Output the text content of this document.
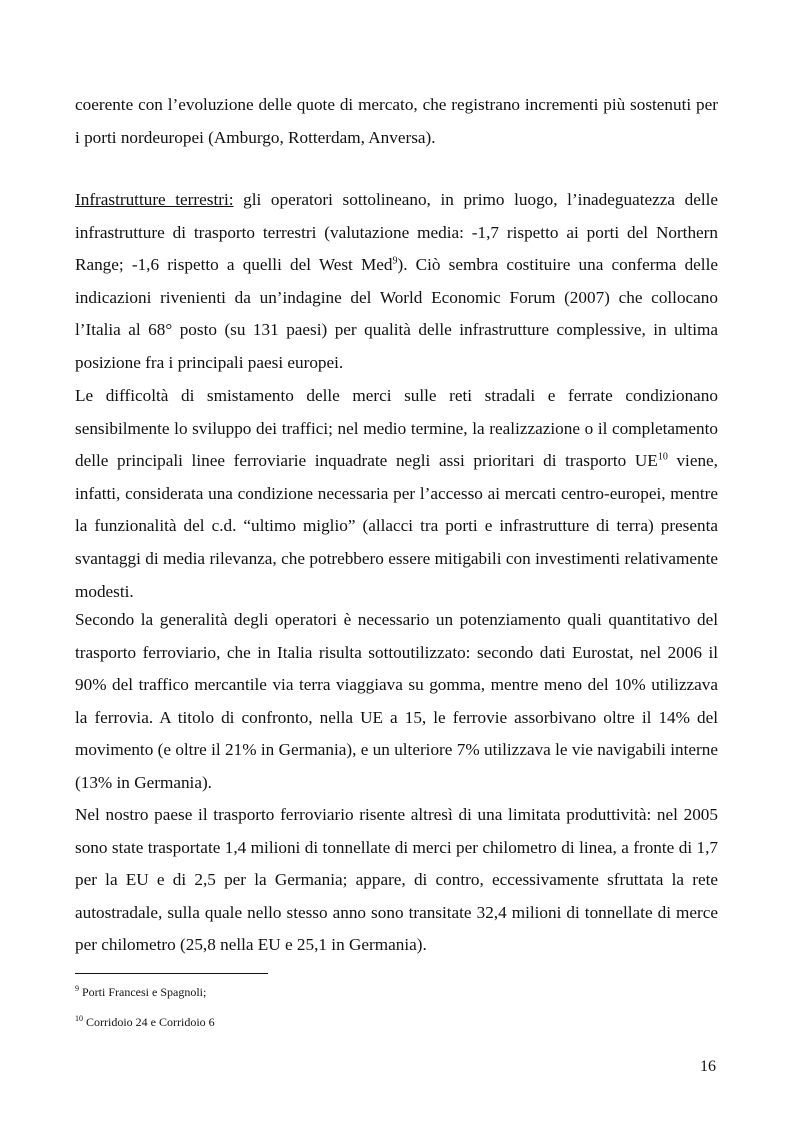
coerente con l’evoluzione delle quote di mercato, che registrano incrementi più sostenuti per i porti nordeuropei (Amburgo, Rotterdam, Anversa).

Infrastrutture terrestri: gli operatori sottolineano, in primo luogo, l’inadeguatezza delle infrastrutture di trasporto terrestri (valutazione media: -1,7 rispetto ai porti del Northern Range; -1,6 rispetto a quelli del West Med$^9$). Ciò sembra costituire una conferma delle indicazioni rivenienti da un’indagine del World Economic Forum (2007) che collocano l’Italia al 68° posto (su 131 paesi) per qualità delle infrastrutture complessive, in ultima posizione fra i principali paesi europei.

Le difficoltà di smistamento delle merci sulle reti stradali e ferrate condizionano sensibilmente lo sviluppo dei traffici; nel medio termine, la realizzazione o il completamento delle principali linee ferroviarie inquadrate negli assi prioritari di trasporto UE$^{10}$ viene, infatti, considerata una condizione necessaria per l’accesso ai mercati centro-europei, mentre la funzionalità del c.d. “ultimo miglio” (allacci tra porti e infrastrutture di terra) presenta svantaggi di media rilevanza, che potrebbero essere mitigabili con investimenti relativamente modesti.

Secondo la generalità degli operatori è necessario un potenziamento quali quantitativo del trasporto ferroviario, che in Italia risulta sottoutilizzato: secondo dati Eurostat, nel 2006 il 90% del traffico mercantile via terra viaggiava su gomma, mentre meno del 10% utilizzava la ferrovia. A titolo di confronto, nella UE a 15, le ferrovie assorbivano oltre il 14% del movimento (e oltre il 21% in Germania), e un ulteriore 7% utilizzava le vie navigabili interne (13% in Germania).

Nel nostro paese il trasporto ferroviario risente altresì di una limitata produttività: nel 2005 sono state trasportate 1,4 milioni di tonnellate di merci per chilometro di linea, a fronte di 1,7 per la EU e di 2,5 per la Germania; appare, di contro, eccessivamente sfruttata la rete autostradale, sulla quale nello stesso anno sono transitate 32,4 milioni di tonnellate di merce per chilometro (25,8 nella EU e 25,1 in Germania).

$^9$ Porti Francesi e Spagnoli;
$^{10}$ Corridoio 24 e Corridoio 6
16
